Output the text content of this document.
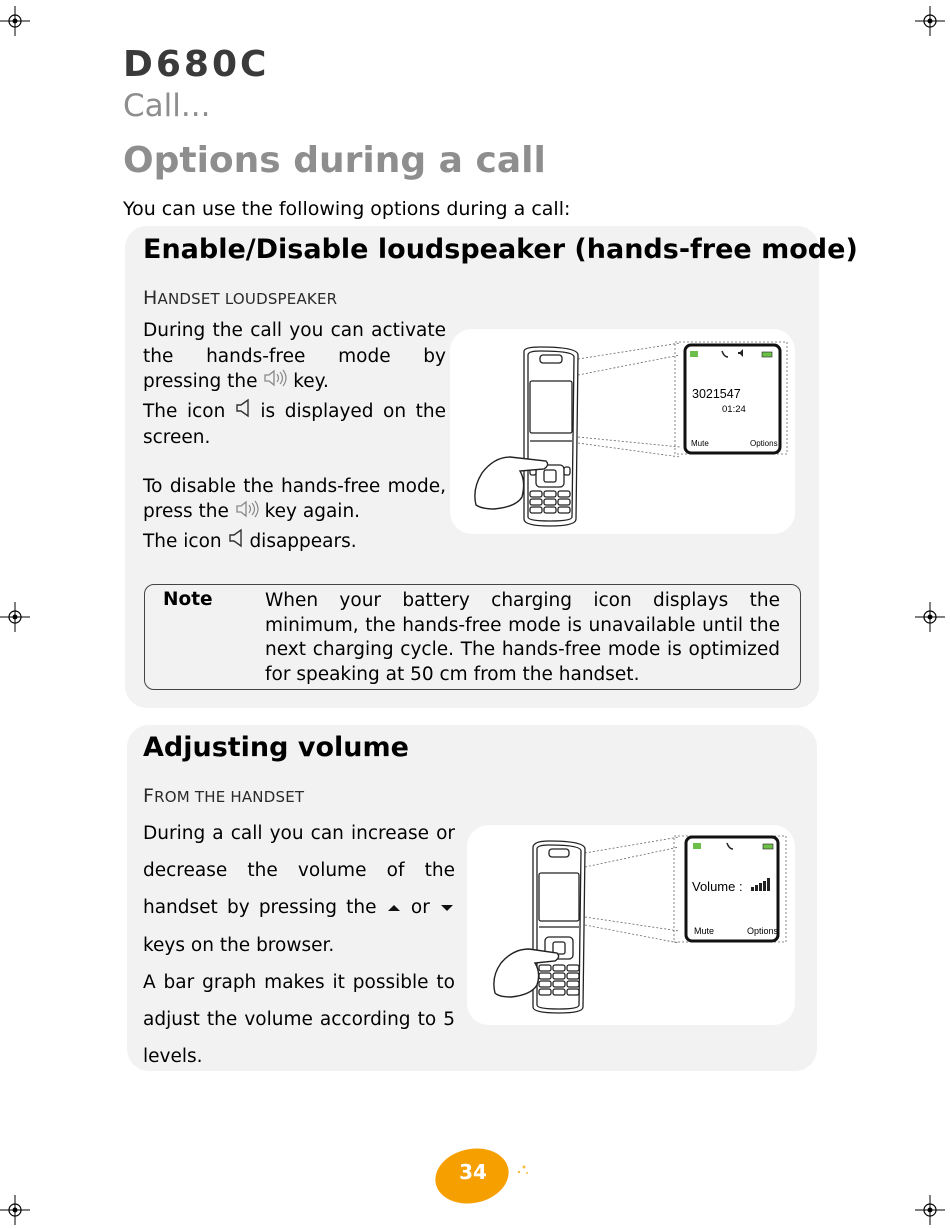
D680C
Call...
Options during a call
You can use the following options during a call:
Enable/Disable loudspeaker (hands-free mode)
HANDSET LOUDSPEAKER

During the call you can activate the hands-free mode by pressing the key.

The icon is displayed on the screen.

To disable the hands-free mode, press the key again.

The icon disappears.

3021547
01:24
Mute	Options
Note	When your battery charging icon displays the minimum, the hands-free mode is unavailable until the next charging cycle. The hands-free mode is optimized for speaking at 50 cm from the handset.
Adjusting volume
FROM THE HANDSET

During a call you can increase or decrease the volume of the handset by pressing the or  keys on the browser.

A bar graph makes it possible to adjust the volume according to 5 levels.

Volume :
Mute	Options
34
